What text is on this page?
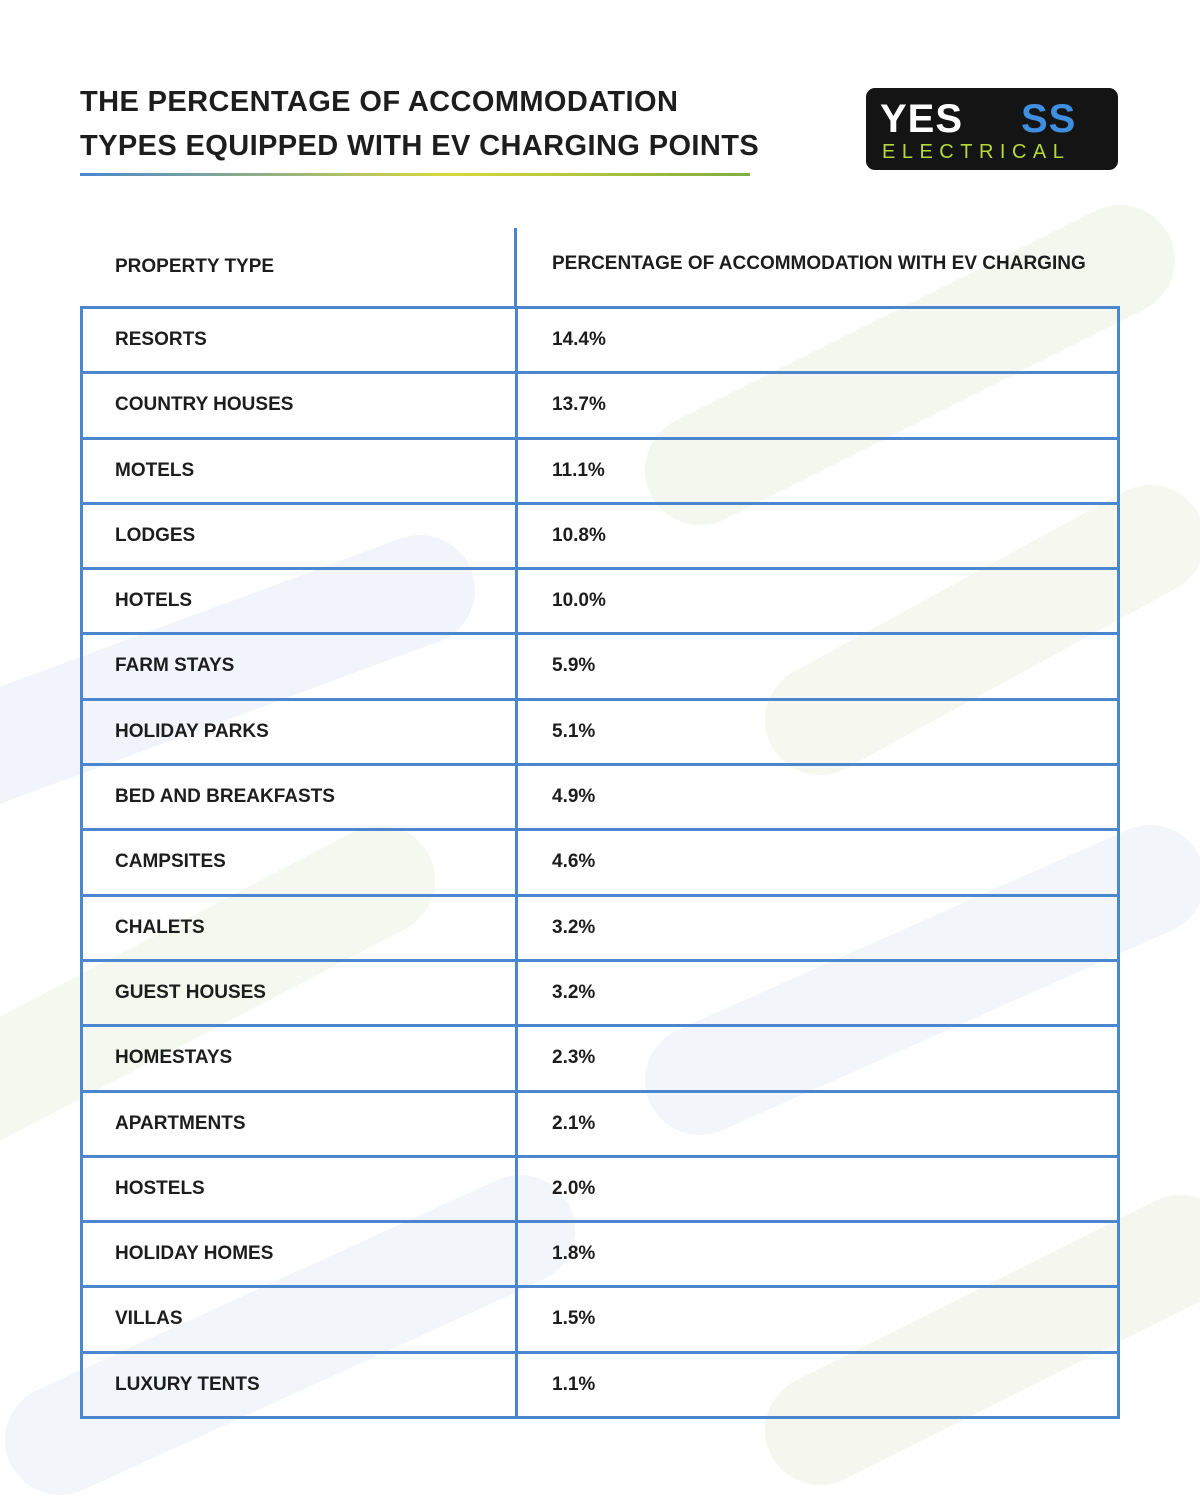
THE PERCENTAGE OF ACCOMMODATION
TYPES EQUIPPED WITH EV CHARGING POINTS
YES SS
ELECTRICAL
PROPERTY TYPE	PERCENTAGE OF ACCOMMODATION WITH EV CHARGING
RESORTS	14.4%
COUNTRY HOUSES	13.7%
MOTELS	11.1%
LODGES	10.8%
HOTELS	10.0%
FARM STAYS	5.9%
HOLIDAY PARKS	5.1%
BED AND BREAKFASTS	4.9%
CAMPSITES	4.6%
CHALETS	3.2%
GUEST HOUSES	3.2%
HOMESTAYS	2.3%
APARTMENTS	2.1%
HOSTELS	2.0%
HOLIDAY HOMES	1.8%
VILLAS	1.5%
LUXURY TENTS	1.1%
